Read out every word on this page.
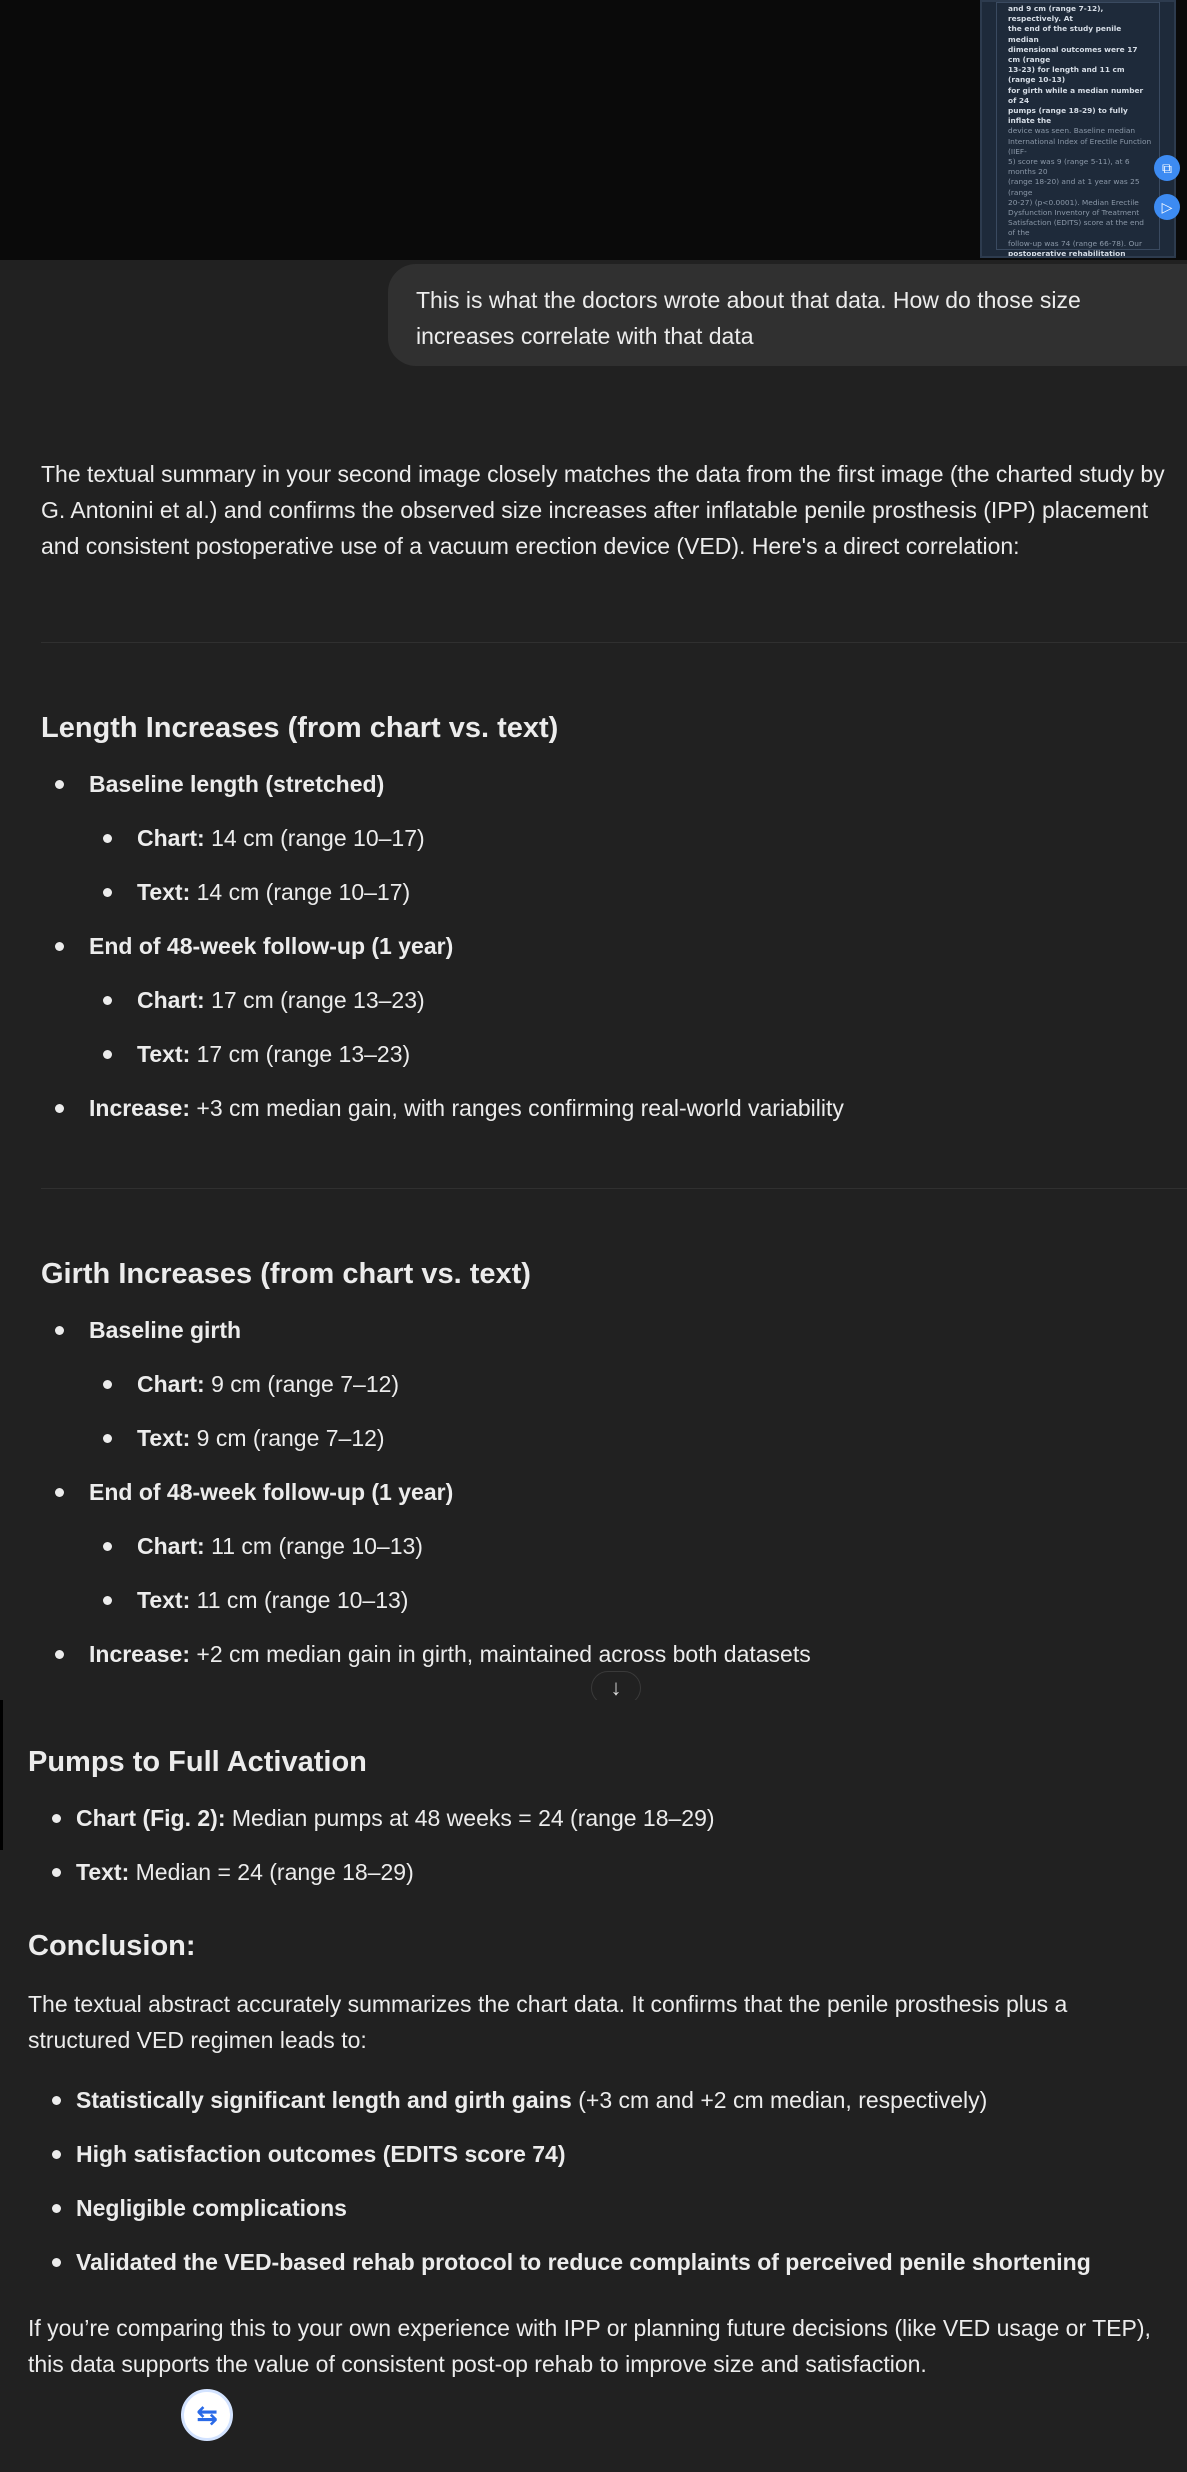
and 9 cm (range 7-12), respectively. At
the end of the study penile median
dimensional outcomes were 17 cm (range
13-23) for length and 11 cm (range 10-13)
for girth while a median number of 24
pumps (range 18-29) to fully inflate the
device was seen. Baseline median
International Index of Erectile Function (IIEF-
5) score was 9 (range 5-11), at 6 months 20
(range 18-20) and at 1 year was 25 (range
20-27) (p<0.0001). Median Erectile
Dysfunction Inventory of Treatment
Satisfaction (EDITS) score at the end of the
follow-up was 74 (range 66-78). Our
postoperative rehabilitation
⧉
▷
This is what the doctors wrote about that data. How do those size increases correlate with that data
The textual summary in your second image closely matches the data from the first image (the charted study by G. Antonini et al.) and confirms the observed size increases after inflatable penile prosthesis (IPP) placement and consistent postoperative use of a vacuum erection device (VED). Here's a direct correlation:
Length Increases (from chart vs. text)
Baseline length (stretched)
Chart: 14 cm (range 10–17)
Text: 14 cm (range 10–17)
End of 48-week follow-up (1 year)
Chart: 17 cm (range 13–23)
Text: 17 cm (range 13–23)
Increase: +3 cm median gain, with ranges confirming real-world variability
Girth Increases (from chart vs. text)
Baseline girth
Chart: 9 cm (range 7–12)
Text: 9 cm (range 7–12)
End of 48-week follow-up (1 year)
Chart: 11 cm (range 10–13)
Text: 11 cm (range 10–13)
Increase: +2 cm median gain in girth, maintained across both datasets
↓
Pumps to Full Activation
Chart (Fig. 2): Median pumps at 48 weeks = 24 (range 18–29)
Text: Median = 24 (range 18–29)
Conclusion:
The textual abstract accurately summarizes the chart data. It confirms that the penile prosthesis plus a structured VED regimen leads to:
Statistically significant length and girth gains (+3 cm and +2 cm median, respectively)
High satisfaction outcomes (EDITS score 74)
Negligible complications
Validated the VED-based rehab protocol to reduce complaints of perceived penile shortening
If you’re comparing this to your own experience with IPP or planning future decisions (like VED usage or TEP), this data supports the value of consistent post-op rehab to improve size and satisfaction.
⇆
